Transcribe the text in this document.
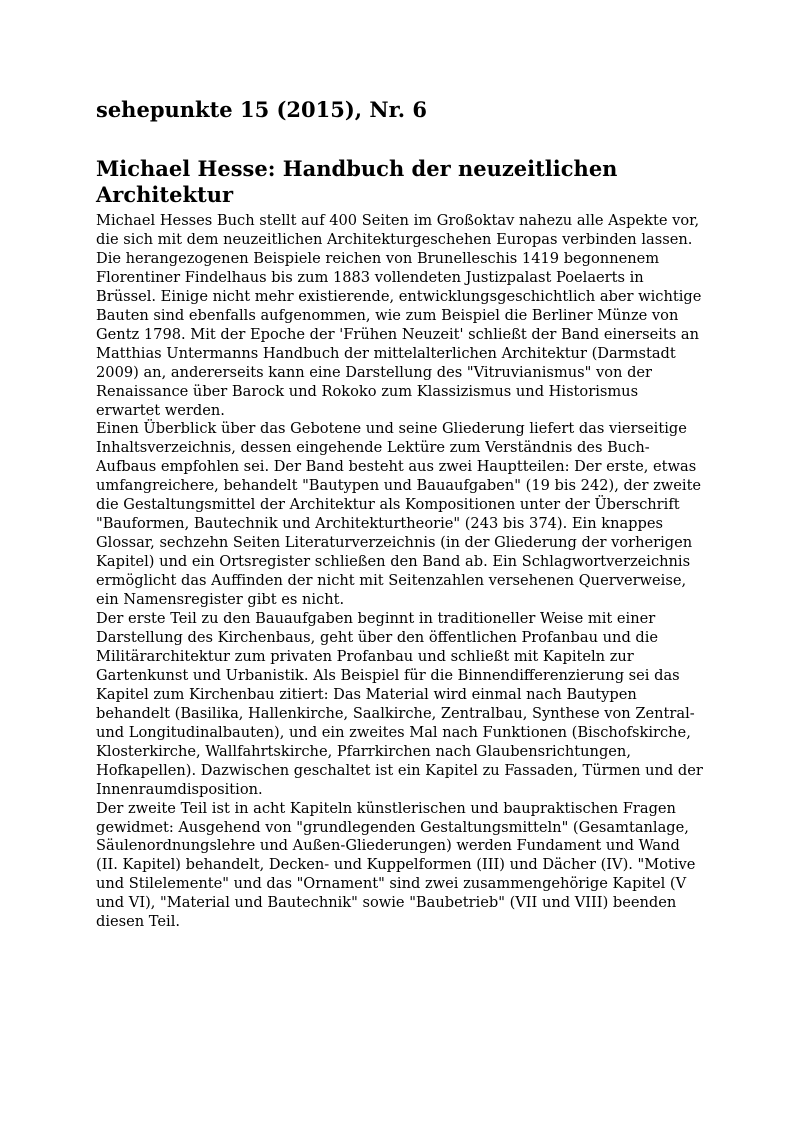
sehepunkte 15 (2015), Nr. 6
Michael Hesse: Handbuch der neuzeitlichen Architektur

Michael Hesses Buch stellt auf 400 Seiten im Großoktav nahezu alle Aspekte vor, die sich mit dem neuzeitlichen Architekturgeschehen Europas verbinden lassen. Die herangezogenen Beispiele reichen von Brunelleschis 1419 begonnenem Florentiner Findelhaus bis zum 1883 vollendeten Justizpalast Poelaerts in Brüssel. Einige nicht mehr existierende, entwicklungsgeschichtlich aber wichtige Bauten sind ebenfalls aufgenommen, wie zum Beispiel die Berliner Münze von Gentz 1798. Mit der Epoche der 'Frühen Neuzeit' schließt der Band einerseits an Matthias Untermanns Handbuch der mittelalterlichen Architektur (Darmstadt 2009) an, andererseits kann eine Darstellung des "Vitruvianismus" von der Renaissance über Barock und Rokoko zum Klassizismus und Historismus erwartet werden.

Einen Überblick über das Gebotene und seine Gliederung liefert das vierseitige Inhaltsverzeichnis, dessen eingehende Lektüre zum Verständnis des Buch-Aufbaus empfohlen sei. Der Band besteht aus zwei Hauptteilen: Der erste, etwas umfangreichere, behandelt "Bautypen und Bauaufgaben" (19 bis 242), der zweite die Gestaltungsmittel der Architektur als Kompositionen unter der Überschrift "Bauformen, Bautechnik und Architekturtheorie" (243 bis 374). Ein knappes Glossar, sechzehn Seiten Literaturverzeichnis (in der Gliederung der vorherigen Kapitel) und ein Ortsregister schließen den Band ab. Ein Schlagwortverzeichnis ermöglicht das Auffinden der nicht mit Seitenzahlen versehenen Querverweise, ein Namensregister gibt es nicht.

Der erste Teil zu den Bauaufgaben beginnt in traditioneller Weise mit einer Darstellung des Kirchenbaus, geht über den öffentlichen Profanbau und die Militärarchitektur zum privaten Profanbau und schließt mit Kapiteln zur Gartenkunst und Urbanistik. Als Beispiel für die Binnendifferenzierung sei das Kapitel zum Kirchenbau zitiert: Das Material wird einmal nach Bautypen behandelt (Basilika, Hallenkirche, Saalkirche, Zentralbau, Synthese von Zentral- und Longitudinalbauten), und ein zweites Mal nach Funktionen (Bischofskirche, Klosterkirche, Wallfahrtskirche, Pfarrkirchen nach Glaubensrichtungen, Hofkapellen). Dazwischen geschaltet ist ein Kapitel zu Fassaden, Türmen und der Innenraumdisposition.

Der zweite Teil ist in acht Kapiteln künstlerischen und baupraktischen Fragen gewidmet: Ausgehend von "grundlegenden Gestaltungsmitteln" (Gesamtanlage, Säulenordnungslehre und Außen-Gliederungen) werden Fundament und Wand (II. Kapitel) behandelt, Decken- und Kuppelformen (III) und Dächer (IV). "Motive und Stilelemente" und das "Ornament" sind zwei zusammengehörige Kapitel (V und VI), "Material und Bautechnik" sowie "Baubetrieb" (VII und VIII) beenden diesen Teil.
